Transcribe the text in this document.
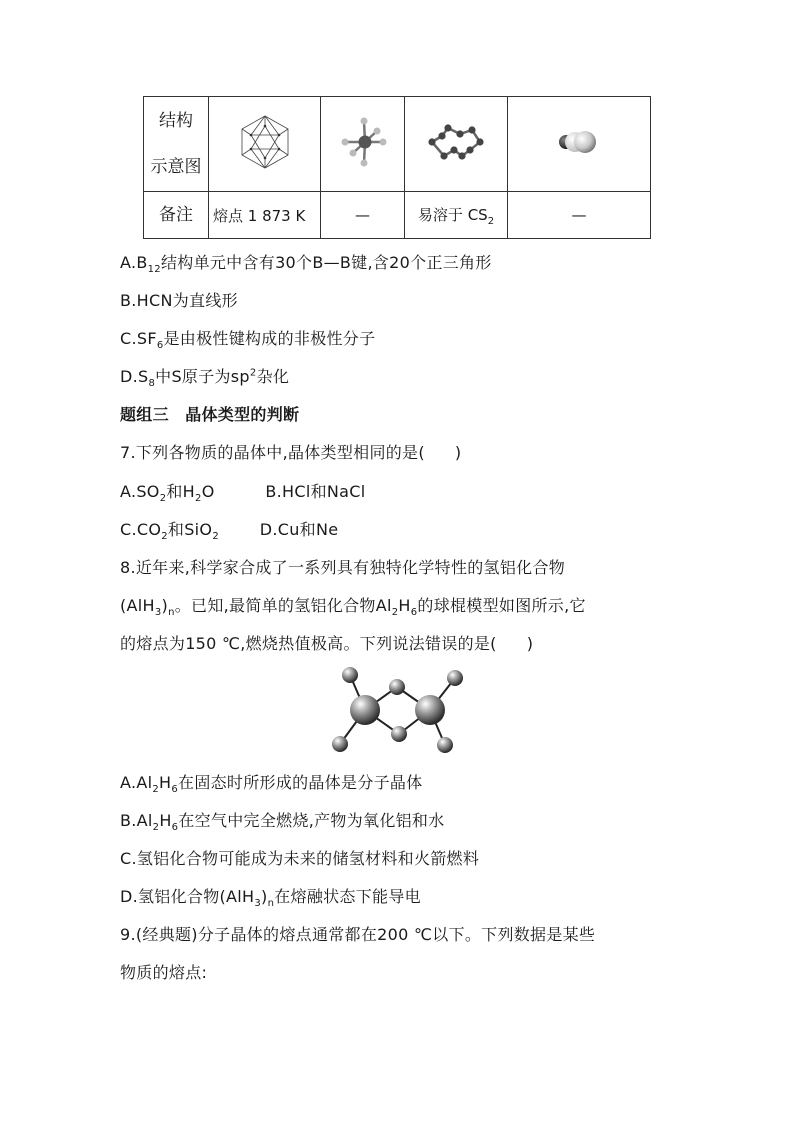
结构
示意图

备注	熔点 1 873 K	—	易溶于 $CS_2$	—
$A.B_{12}$结构单元中含有30个B—B键,含20个正三角形
B.HCN为直线形
$C.SF_6$是由极性键构成的非极性分子
$D.S_8$中S原子为$sp^2$杂化
题组三　晶体类型的判断
7.下列各物质的晶体中,晶体类型相同的是( )
$A.SO_2$和$H_2O$	B.HCl和NaCl
$C.CO_2$和SiO$_2$	D.Cu和Ne
8.近年来,科学家合成了一系列具有独特化学特性的氢铝化合物
$(AlH_3)_n$。已知,最简单的氢铝化合物$Al_2H_6$的球棍模型如图所示,它
的熔点为150 ℃,燃烧热值极高。下列说法错误的是( )
$A.Al_2H_6$在固态时所形成的晶体是分子晶体
$B.Al_2H_6$在空气中完全燃烧,产物为氧化铝和水
C.氢铝化合物可能成为未来的储氢材料和火箭燃料
D.氢铝化合物$(AlH_3)_n$在熔融状态下能导电
9.(经典题)分子晶体的熔点通常都在200 ℃以下。下列数据是某些
物质的熔点:
